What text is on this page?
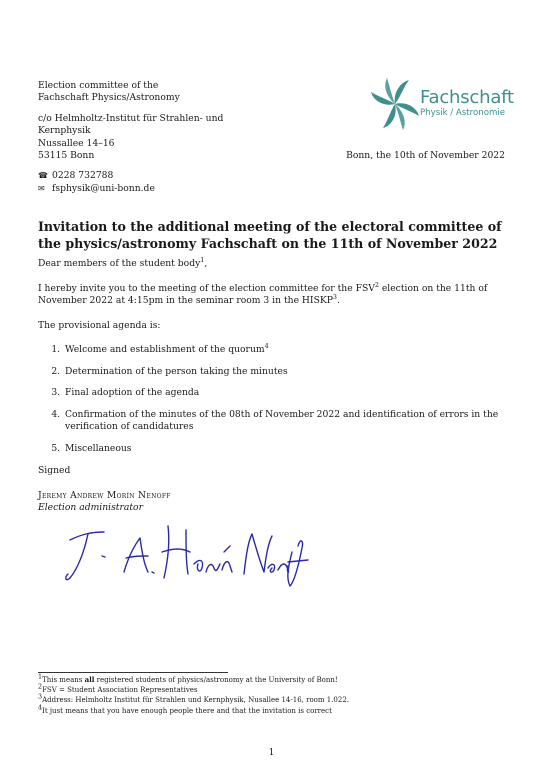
Election committee of the
Fachschaft Physics/Astronomy
c/o Helmholtz-Institut für Strahlen- und
Kernphysik
Nussallee 14–16
53115 Bonn
☎ 0228 732788
✉ fsphysik@uni-bonn.de
Fachschaft
Physik / Astronomie
Bonn, the 10th of November 2022
Invitation to the additional meeting of the electoral committee of the physics/astronomy Fachschaft on the 11th of November 2022

Dear members of the student body$^1$,

I hereby invite you to the meeting of the election committee for the FSV$^2$ election on the 11th of November 2022 at 4:15pm in the seminar room 3 in the HISKP$^3$.

The provisional agenda is:

1. Welcome and establishment of the quorum$^4$
2. Determination of the person taking the minutes
3. Final adoption of the agenda
4. Confirmation of the minutes of the 08th of November 2022 and identification of errors in the verification of candidatures
5. Miscellaneous

Signed

Jeremy Andrew Morín Nenoff
Election administrator
$^1$This means all registered students of physics/astronomy at the University of Bonn!
$^2$FSV = Student Association Representatives
$^3$Address: Helmholtz Institut für Strahlen und Kernphysik, Nusallee 14-16, room 1.022.
$^4$It just means that you have enough people there and that the invitation is correct
1
